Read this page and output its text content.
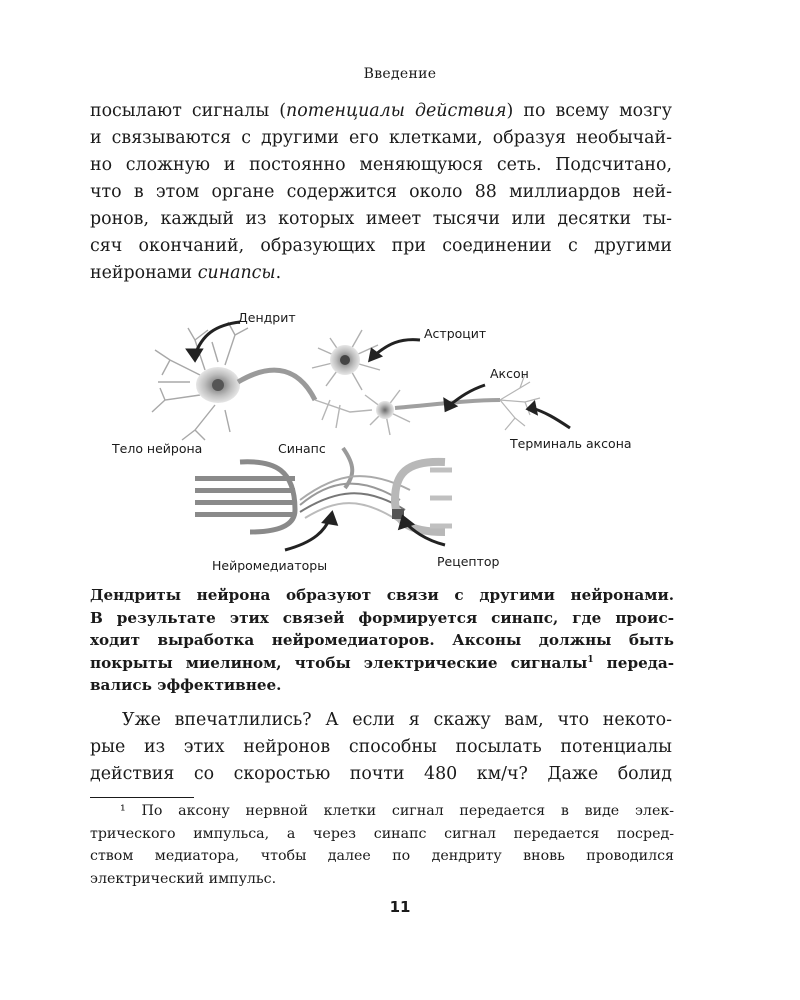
Введение
посылают сигналы (потенциалы действия) по всему мозгу
и связываются с другими его клетками, образуя необычай-
но сложную и постоянно меняющуюся сеть. Подсчитано,
что в этом органе содержится около 88 миллиардов ней-
ронов, каждый из которых имеет тысячи или десятки ты-
сяч окончаний, образующих при соединении с другими
нейронами синапсы.
Дендрит
Астроцит
Аксон
Тело нейрона	Синапс	Терминаль аксона
Нейромедиаторы	Рецептор
Дендриты нейрона образуют связи с другими нейронами.
В результате этих связей формируется синапс, где проис-
ходит выработка нейромедиаторов. Аксоны должны быть
покрыты миелином, чтобы электрические сигналы$^1$ переда-
вались эффективнее.
Уже впечатлились? А если я скажу вам, что некото-
рые из этих нейронов способны посылать потенциалы
действия со скоростью почти 480 км/ч? Даже болид
¹ По аксону нервной клетки сигнал передается в виде элек-
трического импульса, а через синапс сигнал передается посред-
ством медиатора, чтобы далее по дендриту вновь проводился
электрический импульс.
11
